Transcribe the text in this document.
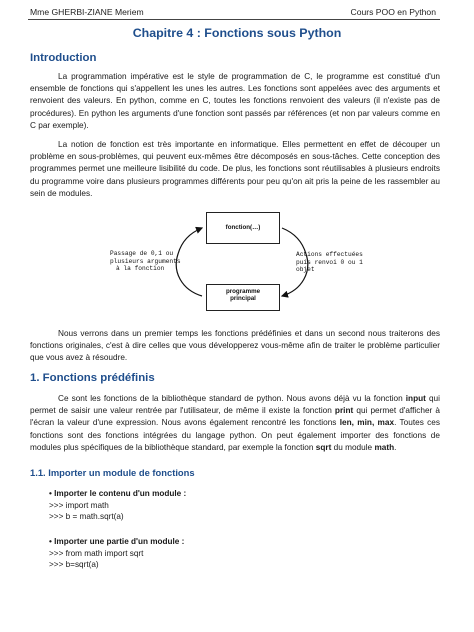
Mme GHERBI-ZIANE Meriem	Cours POO en Python
Chapitre 4 : Fonctions sous Python
Introduction
La programmation impérative est le style de programmation de C, le programme est constitué d'un ensemble de fonctions qui s'appellent les unes les autres. Les fonctions sont appelées avec des arguments et renvoient des valeurs. En python, comme en C, toutes les fonctions renvoient des valeurs (il n'existe pas de procédures). En python les arguments d'une fonction sont passés par références (et non par valeurs comme en C par exemple).
La notion de fonction est très importante en informatique. Elles permettent en effet de découper un problème en sous-problèmes, qui peuvent eux-mêmes être décomposés en sous-tâches. Cette conception des programmes permet une meilleure lisibilité du code. De plus, les fonctions sont réutilisables à plusieurs endroits du programme voire dans plusieurs programmes différents pour peu qu'on ait pris la peine de les rassembler au sein de modules.
fonction(…)
programme
principal
Passage de 0,1 ou
plusieurs arguments
à la fonction
Actions effectuées
puis renvoi 0 ou 1
objet
Nous verrons dans un premier temps les fonctions prédéfinies et dans un second nous traiterons des fonctions originales, c'est à dire celles que vous développerez vous-même afin de traiter le problème particulier que vous avez à résoudre.
1. Fonctions prédéfinis
Ce sont les fonctions de la bibliothèque standard de python. Nous avons déjà vu la fonction input qui permet de saisir une valeur rentrée par l'utilisateur, de même il existe la fonction print qui permet d'afficher à l'écran la valeur d'une expression. Nous avons également rencontré les fonctions len, min, max. Toutes ces fonctions sont des fonctions intégrées du langage python. On peut également importer des fonctions de modules plus spécifiques de la bibliothèque standard, par exemple la fonction sqrt du module math.
1.1. Importer un module de fonctions
• Importer le contenu d'un module :
>>> import math
>>> b = math.sqrt(a)
• Importer une partie d'un module :
>>> from math import sqrt
>>> b=sqrt(a)
